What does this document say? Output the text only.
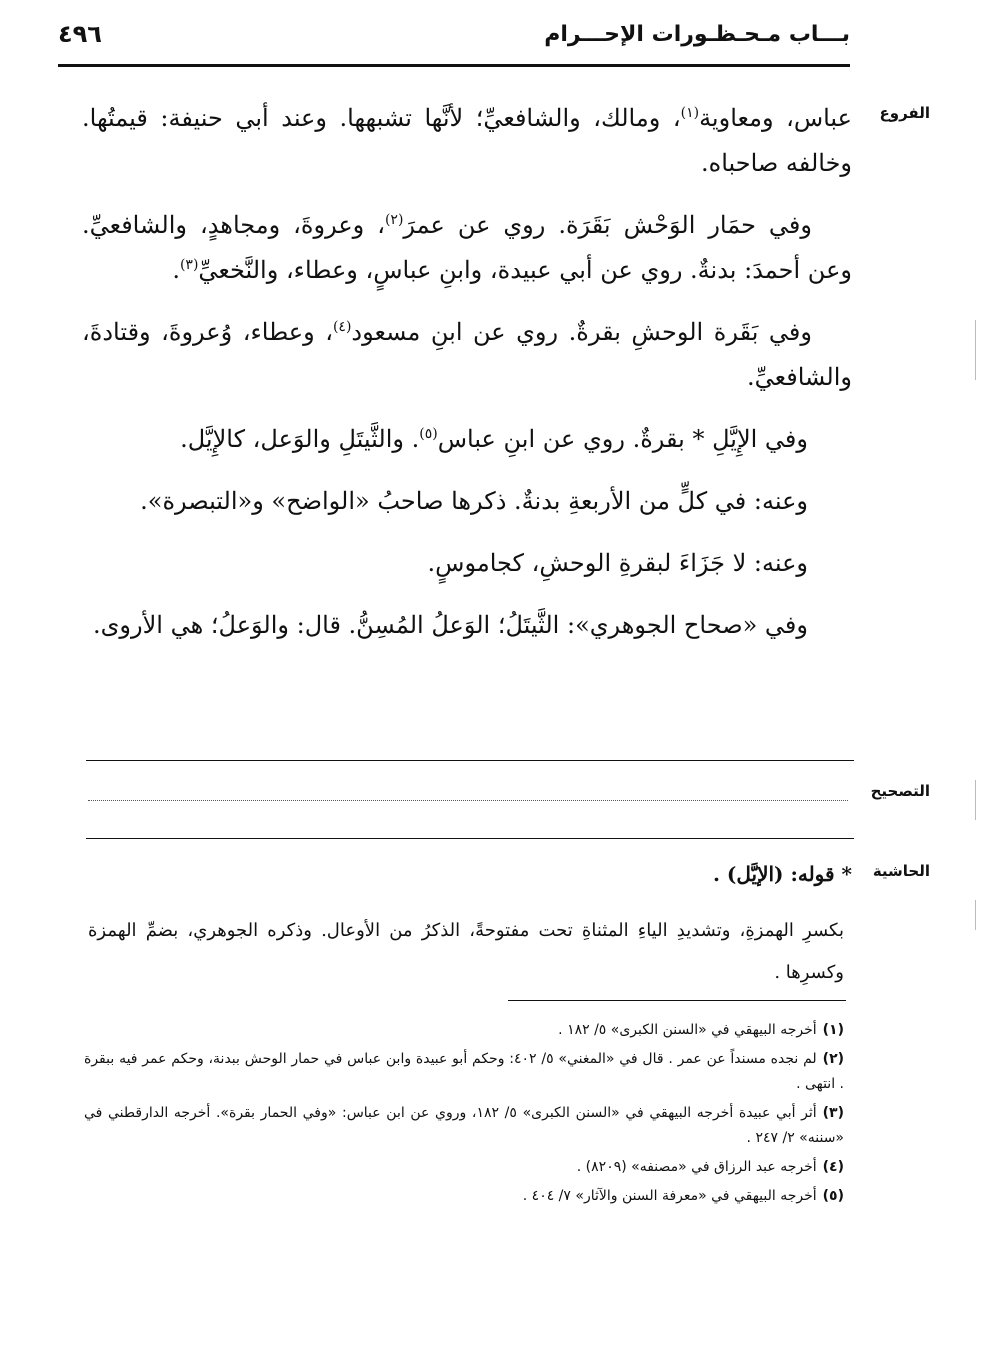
بـــاب مـحـظـورات الإحـــرام
٤٩٦
الفروع

عباس، ومعاوية$^{(١)}$، ومالك، والشافعيِّ؛ لأنَّها تشبهها. وعند أبي حنيفة: قيمتُها. وخالفه صاحباه.

وفي حمَار الوَحْش بَقَرَة. روي عن عمرَ$^{(٢)}$، وعروةَ، ومجاهدٍ، والشافعيِّ. وعن أحمدَ: بدنةٌ. روي عن أبي عبيدة، وابنِ عباسٍ، وعطاء، والنَّخعيِّ$^{(٣)}$.

وفي بَقَرة الوحشِ بقرةٌ. روي عن ابنِ مسعود$^{(٤)}$، وعطاء، وُعروةَ، وقتادةَ، والشافعيِّ.

وفي الإِيَّلِ * بقرةٌ. روي عن ابنِ عباس$^{(٥)}$. والثَّيتَلِ والوَعل، كالإِيَّل.

وعنه: في كلٍّ من الأربعةِ بدنةٌ. ذكرها صاحبُ «الواضح» و«التبصرة».

وعنه: لا جَزَاءَ لبقرةِ الوحشِ، كجاموسٍ.

وفي «صحاح الجوهري»: الثَّيتَلُ؛ الوَعلُ المُسِنُّ. قال: والوَعلُ؛ هي الأروى.

التصحيح
الحاشية
* قوله: (الإيَّل) .
بكسرِ الهمزةِ، وتشديدِ الياءِ المثناةِ تحت مفتوحةً، الذكرُ من الأوعال. وذكره الجوهري، بضمِّ الهمزة وكسرِها .
(١)أخرجه البيهقي في «السنن الكبرى» ٥/ ١٨٢ .
(٢)لم نجده مسنداً عن عمر . قال في «المغني» ٥/ ٤٠٢: وحكم أبو عبيدة وابن عباس في حمار الوحش ببدنة، وحكم عمر فيه ببقرة . انتهى .
(٣)أثر أبي عبيدة أخرجه البيهقي في «السنن الكبرى» ٥/ ١٨٢، وروي عن ابن عباس: «وفي الحمار بقرة». أخرجه الدارقطني في «سننه» ٢/ ٢٤٧ .
(٤)أخرجه عبد الرزاق في «مصنفه» (٨٢٠٩) .
(٥)أخرجه البيهقي في «معرفة السنن والآثار» ٧/ ٤٠٤ .
